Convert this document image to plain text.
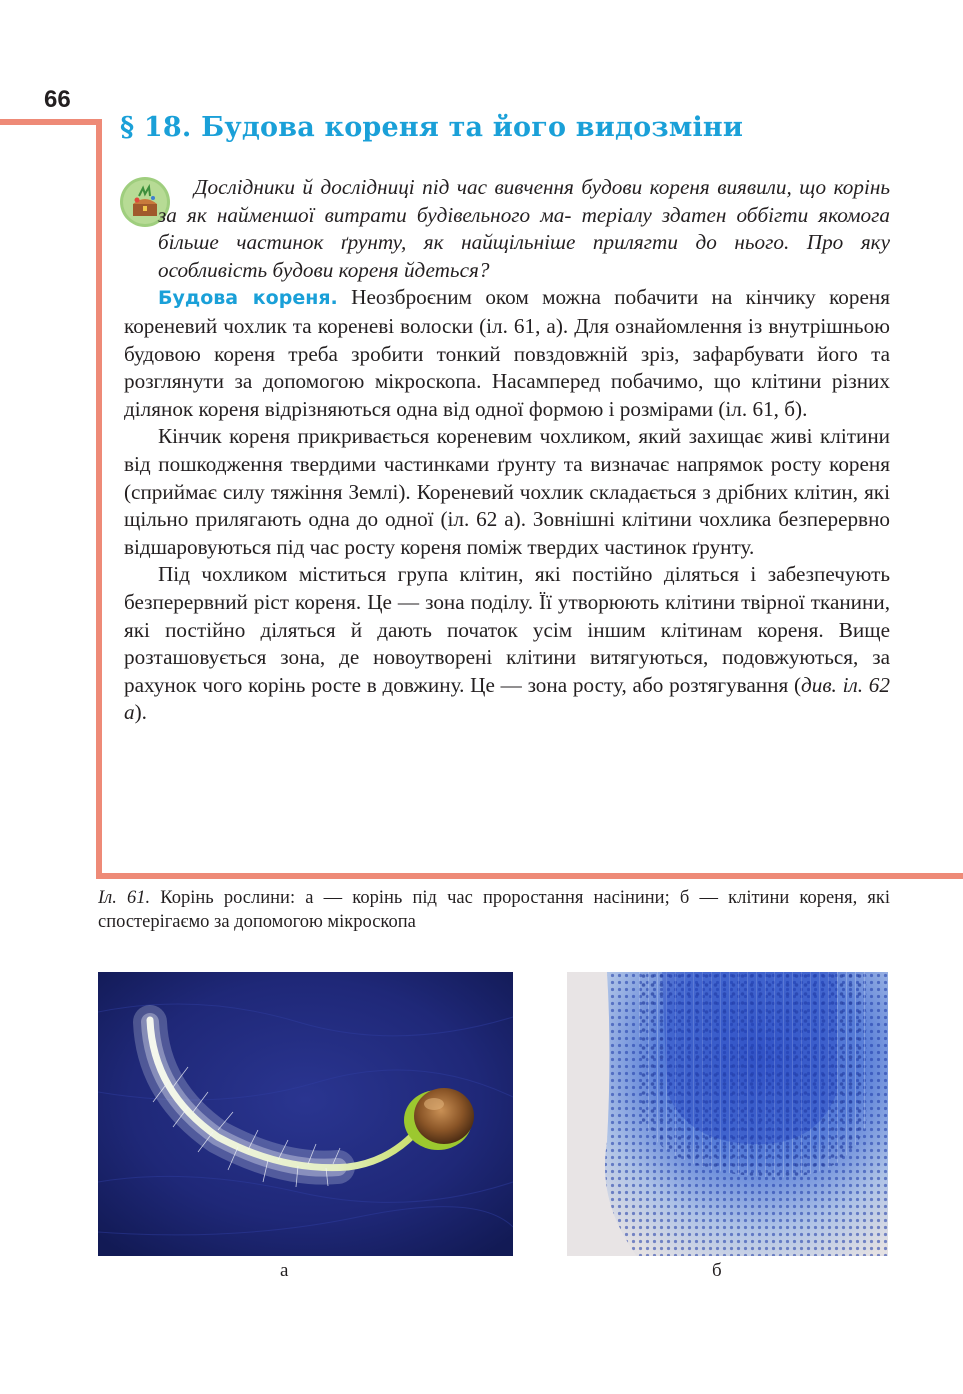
66
§ 18. Будова кореня та його видозміни

Дослідники й дослідниці під час вивчення будови кореня виявили, що корінь за як найменшої витрати будівельного ма- теріалу здатен оббігти якомога більше частинок ґрунту, як найщільніше прилягти до нього. Про яку особливість будови кореня йдеться?

Будова кореня. Неозброєним оком можна побачити на кінчику кореня кореневий чохлик та кореневі волоски (іл. 61, а). Для ознайомлення із внутрішньою будовою кореня треба зробити тонкий повздовжній зріз, зафарбувати його та розглянути за допомогою мікроскопа. Насамперед побачимо, що клітини різних ділянок кореня відрізняються одна від одної формою і розмірами (іл. 61, б).

Кінчик кореня прикривається кореневим чохликом, який захищає живі клітини від пошкодження твердими частинками ґрунту та визначає напрямок росту кореня (сприймає силу тяжіння Землі). Кореневий чохлик складається з дрібних клітин, які щільно прилягають одна до одної (іл. 62 а). Зовнішні клітини чохлика безперервно відшаровуються під час росту кореня поміж твердих частинок ґрунту.

Під чохликом міститься група клітин, які постійно діляться і забезпечують безперервний ріст кореня. Це — зона поділу. Її утворюють клітини твірної тканини, які постійно діляться й дають початок усім іншим клітинам кореня. Вище розташовується зона, де новоутворені клітини витягуються, подовжуються, за рахунок чого корінь росте в довжину. Це — зона росту, або розтягування (див. іл. 62 а).

Іл. 61. Корінь рослини: а — корінь під час проростання насінини; б — клітини кореня, які спостерігаємо за допомогою мікроскопа

а	б
